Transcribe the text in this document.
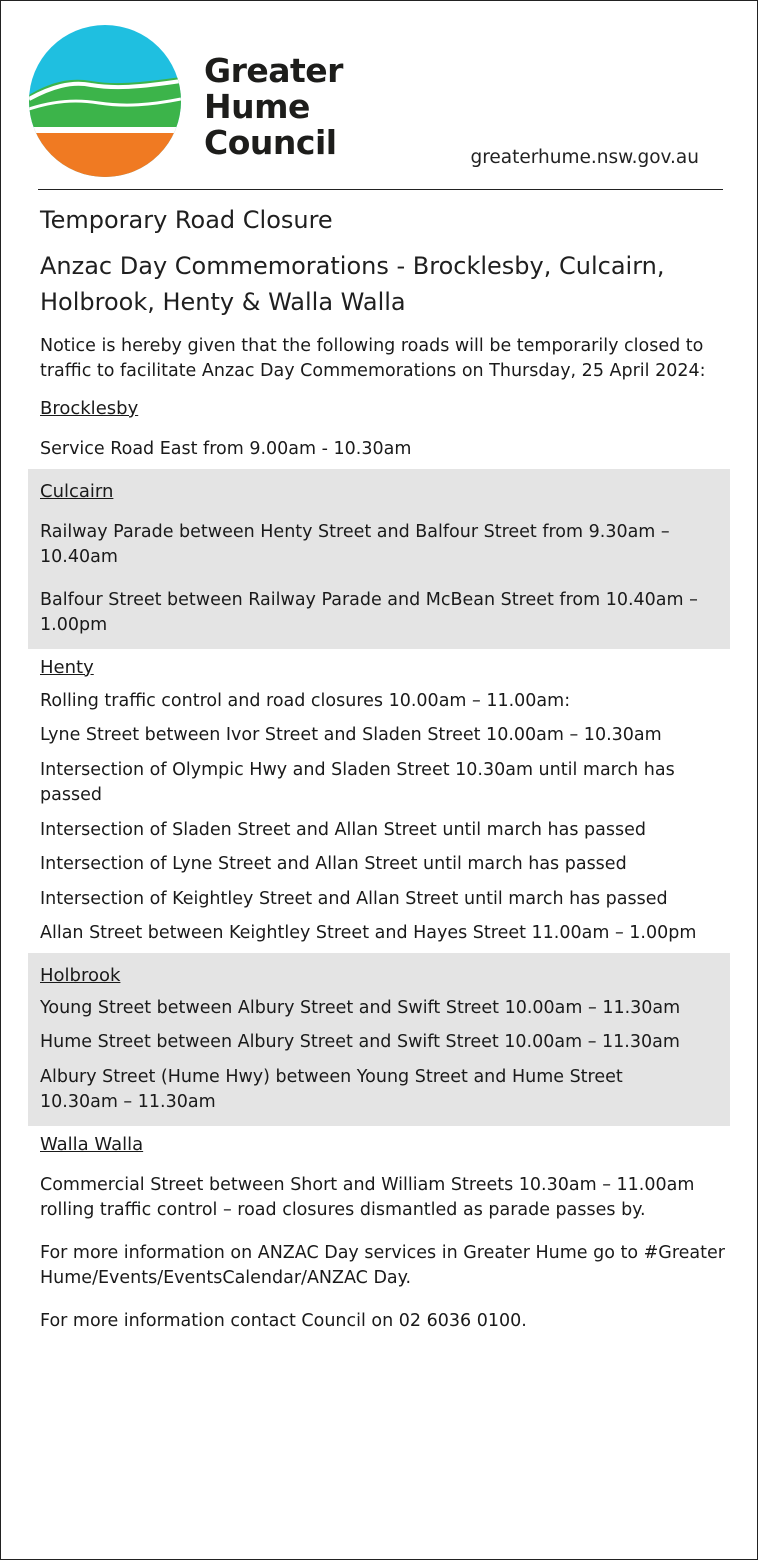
Greater
Hume
Council	greaterhume.nsw.gov.au

Temporary Road Closure

Anzac Day Commemorations - Brocklesby, Culcairn, Holbrook, Henty & Walla Walla

Notice is hereby given that the following roads will be temporarily closed to traffic to facilitate Anzac Day Commemorations on Thursday, 25 April 2024:

Brocklesby

Service Road East from 9.00am - 10.30am

Culcairn

Railway Parade between Henty Street and Balfour Street from 9.30am – 10.40am

Balfour Street between Railway Parade and McBean Street from 10.40am – 1.00pm

Henty

Rolling traffic control and road closures 10.00am – 11.00am:

Lyne Street between Ivor Street and Sladen Street 10.00am – 10.30am

Intersection of Olympic Hwy and Sladen Street 10.30am until march has passed

Intersection of Sladen Street and Allan Street until march has passed

Intersection of Lyne Street and Allan Street until march has passed

Intersection of Keightley Street and Allan Street until march has passed

Allan Street between Keightley Street and Hayes Street 11.00am – 1.00pm

Holbrook

Young Street between Albury Street and Swift Street 10.00am – 11.30am

Hume Street between Albury Street and Swift Street 10.00am – 11.30am

Albury Street (Hume Hwy) between Young Street and Hume Street 10.30am – 11.30am

Walla Walla

Commercial Street between Short and William Streets 10.30am – 11.00am rolling traffic control – road closures dismantled as parade passes by.

For more information on ANZAC Day services in Greater Hume go to #Greater Hume/Events/EventsCalendar/ANZAC Day.

For more information contact Council on 02 6036 0100.
